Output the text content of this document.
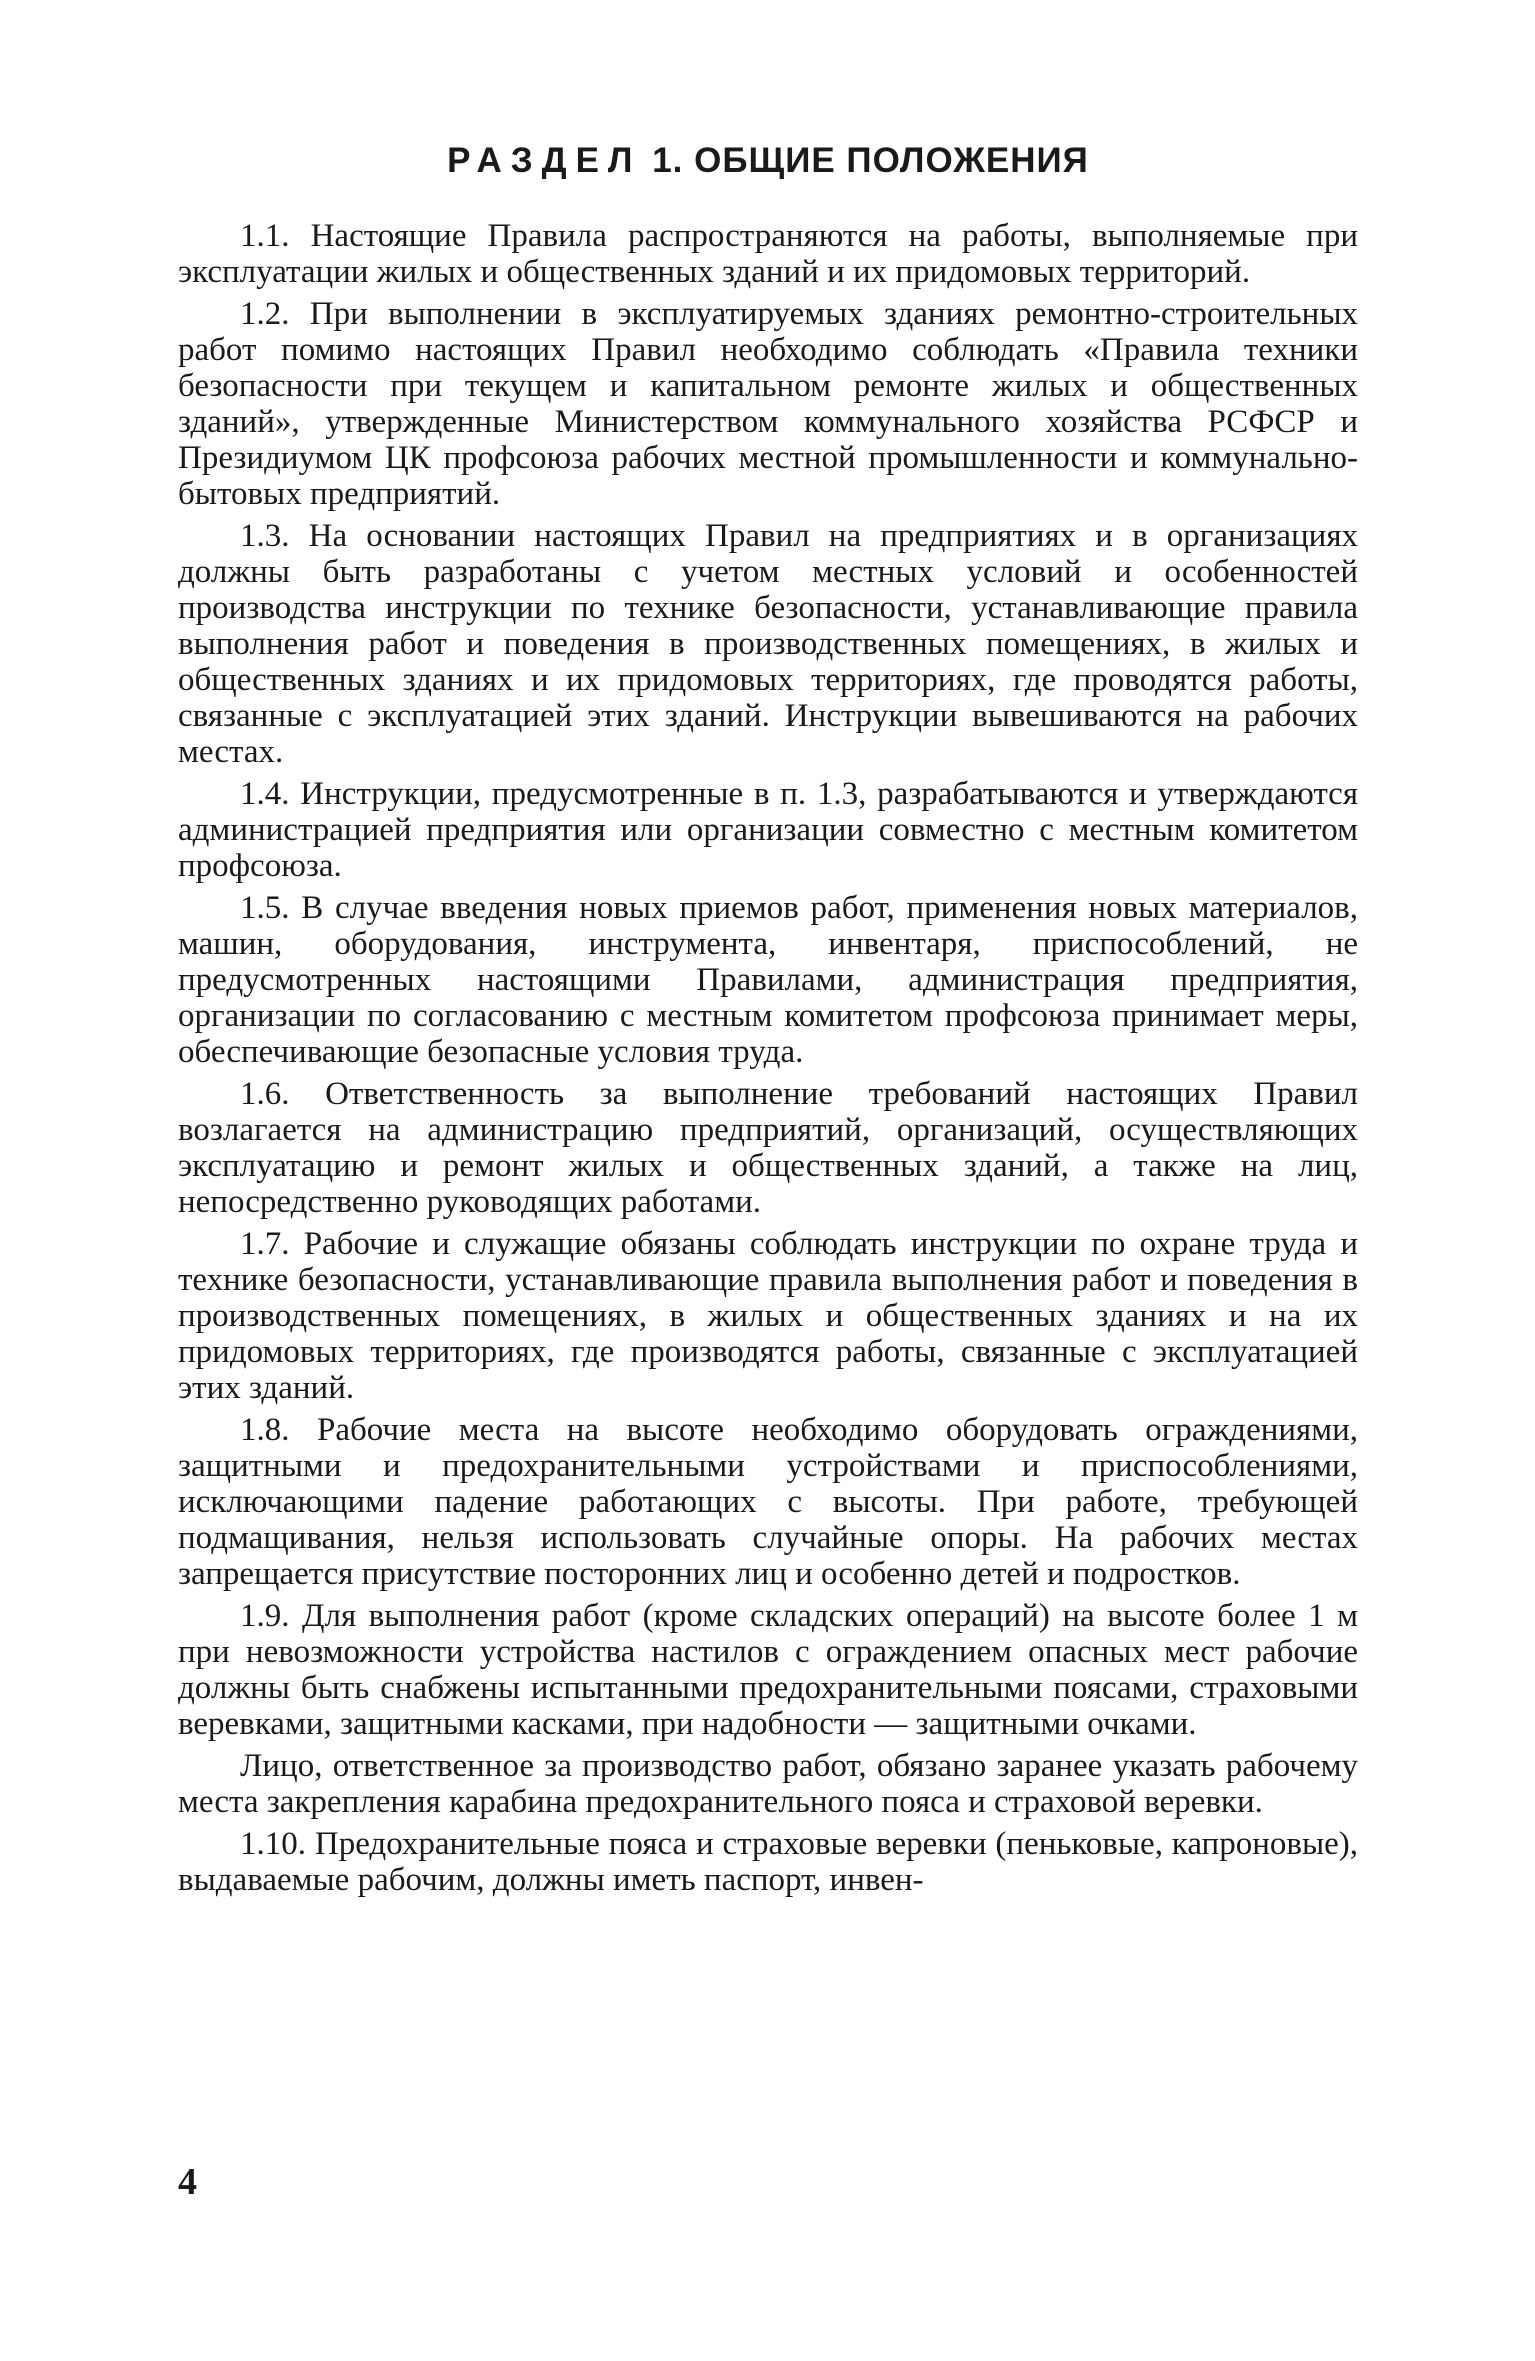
РАЗДЕЛ 1. ОБЩИЕ ПОЛОЖЕНИЯ

1.1. Настоящие Правила распространяются на работы, выполняемые при эксплуатации жилых и общественных зданий и их придомовых территорий.

1.2. При выполнении в эксплуатируемых зданиях ремонтно-строительных работ помимо настоящих Правил необходимо соблюдать «Правила техники безопасности при текущем и капитальном ремонте жилых и общественных зданий», утвержденные Министерством коммунального хозяйства РСФСР и Президиумом ЦК профсоюза рабочих местной промышленности и коммунально-бытовых предприятий.

1.3. На основании настоящих Правил на предприятиях и в организациях должны быть разработаны с учетом местных условий и особенностей производства инструкции по технике безопасности, устанавливающие правила выполнения работ и поведения в производственных помещениях, в жилых и общественных зданиях и их придомовых территориях, где проводятся работы, связанные с эксплуатацией этих зданий. Инструкции вывешиваются на рабочих местах.

1.4. Инструкции, предусмотренные в п. 1.3, разрабатываются и утверждаются администрацией предприятия или организации совместно с местным комитетом профсоюза.

1.5. В случае введения новых приемов работ, применения новых материалов, машин, оборудования, инструмента, инвентаря, приспособлений, не предусмотренных настоящими Правилами, администрация предприятия, организации по согласованию с местным комитетом профсоюза принимает меры, обеспечивающие безопасные условия труда.

1.6. Ответственность за выполнение требований настоящих Правил возлагается на администрацию предприятий, организаций, осуществляющих эксплуатацию и ремонт жилых и общественных зданий, а также на лиц, непосредственно руководящих работами.

1.7. Рабочие и служащие обязаны соблюдать инструкции по охране труда и технике безопасности, устанавливающие правила выполнения работ и поведения в производственных помещениях, в жилых и общественных зданиях и на их придомовых территориях, где производятся работы, связанные с эксплуатацией этих зданий.

1.8. Рабочие места на высоте необходимо оборудовать ограждениями, защитными и предохранительными устройствами и приспособлениями, исключающими падение работающих с высоты. При работе, требующей подмащивания, нельзя использовать случайные опоры. На рабочих местах запрещается присутствие посторонних лиц и особенно детей и подростков.

1.9. Для выполнения работ (кроме складских операций) на высоте более 1 м при невозможности устройства настилов с ограждением опасных мест рабочие должны быть снабжены испытанными предохранительными поясами, страховыми веревками, защитными касками, при надобности — защитными очками.

Лицо, ответственное за производство работ, обязано заранее указать рабочему места закрепления карабина предохранительного пояса и страховой веревки.

1.10. Предохранительные пояса и страховые веревки (пеньковые, капроновые), выдаваемые рабочим, должны иметь паспорт, инвен-

4
